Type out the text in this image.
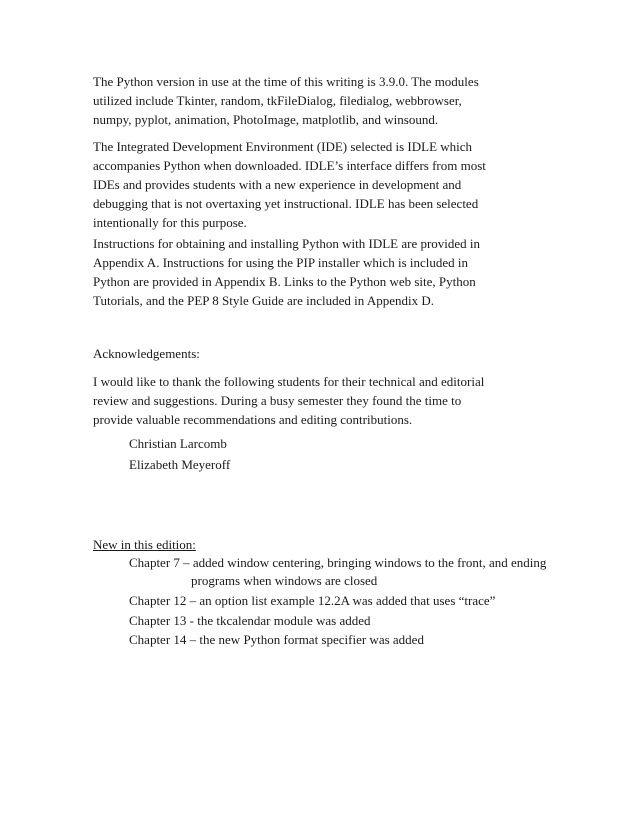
The Python version in use at the time of this writing is 3.9.0. The modules
utilized include Tkinter, random, tkFileDialog, filedialog, webbrowser,
numpy, pyplot, animation, PhotoImage, matplotlib, and winsound.

The Integrated Development Environment (IDE) selected is IDLE which
accompanies Python when downloaded. IDLE’s interface differs from most
IDEs and provides students with a new experience in development and
debugging that is not overtaxing yet instructional. IDLE has been selected
intentionally for this purpose.

Instructions for obtaining and installing Python with IDLE are provided in
Appendix A. Instructions for using the PIP installer which is included in
Python are provided in Appendix B. Links to the Python web site, Python
Tutorials, and the PEP 8 Style Guide are included in Appendix D.

Acknowledgements:

I would like to thank the following students for their technical and editorial
review and suggestions. During a busy semester they found the time to
provide valuable recommendations and editing contributions.

Christian Larcomb

Elizabeth Meyeroff

New in this edition:

Chapter 7 – added window centering, bringing windows to the front, and ending

programs when windows are closed

Chapter 12 – an option list example 12.2A was added that uses “trace”

Chapter 13 - the tkcalendar module was added

Chapter 14 – the new Python format specifier was added
